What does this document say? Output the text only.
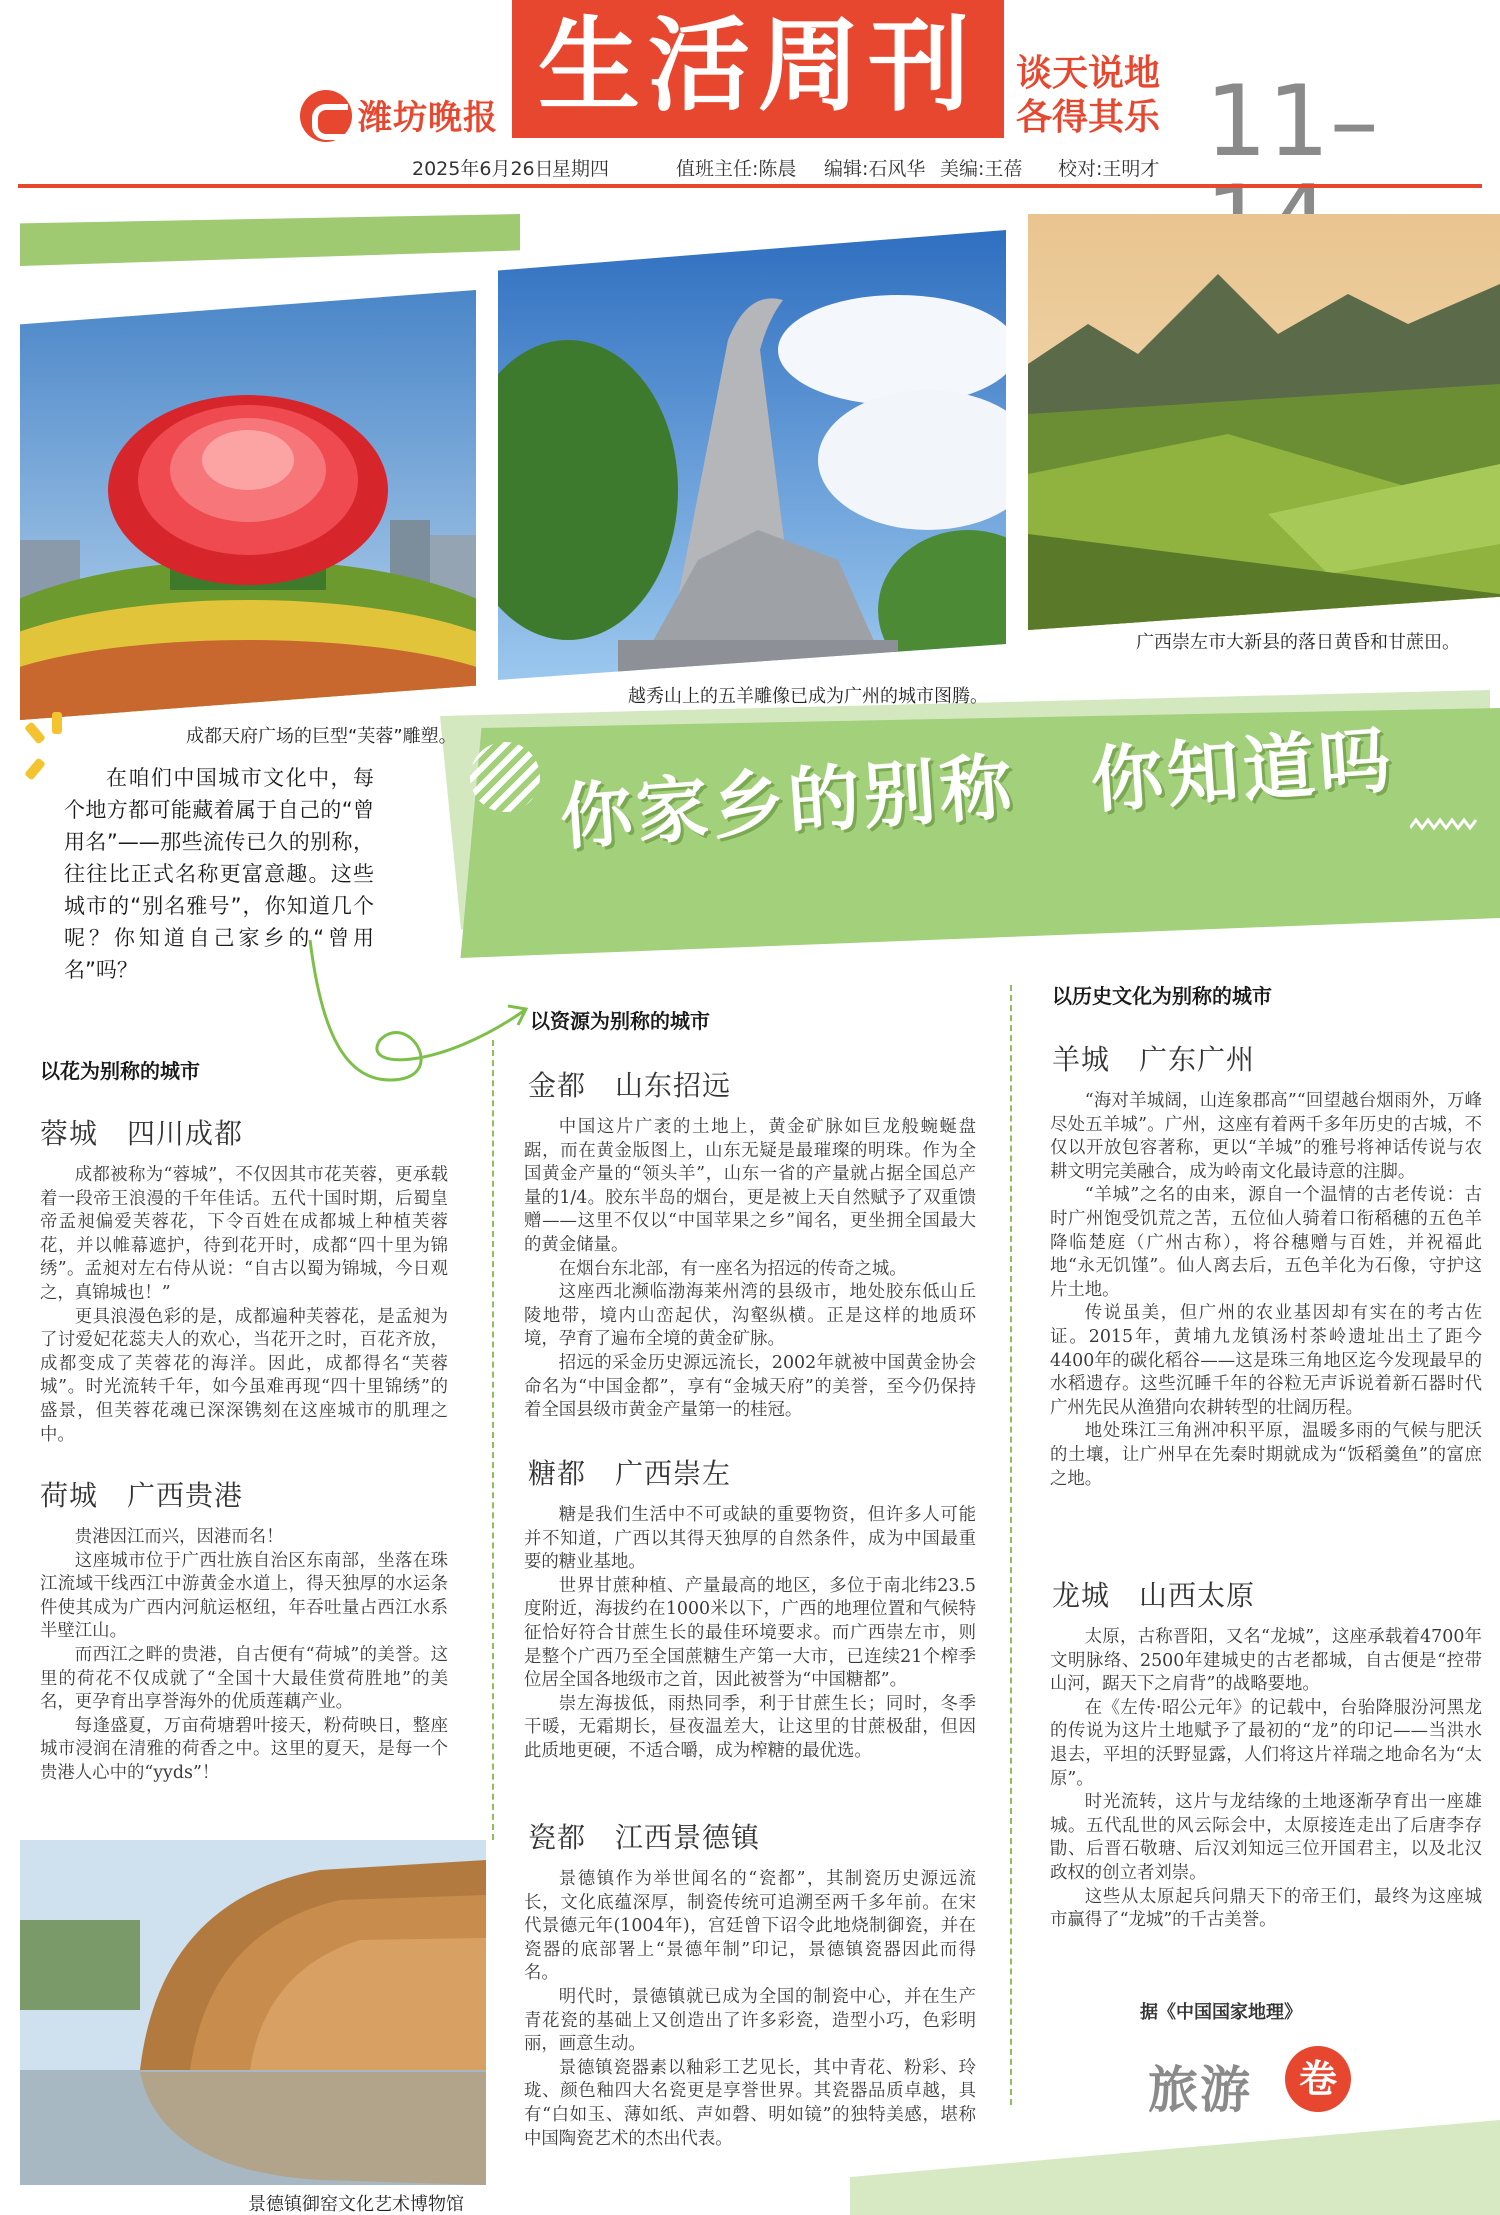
潍坊晚报 生活周刊	谈天说地
各得其乐 11–
2025年6月26日
星期四	值班主任:陈晨 编辑:石风华 美编:王蓓 校对:王明才
你家乡的别称　你知道吗
成都天府广场的巨型“芙蓉”雕塑。
越秀山上的五羊雕像已成为广州的城市图腾。
广西崇左市大新县的落日黄昏和甘蔗田。
景德镇御窑文化艺术博物馆
在咱们中国城市文化中，每个地方都可能藏着属于自己的“曾用名”——那些流传已久的别称，往往比正式名称更富意趣。这些城市的“别名雅号”，你知道几个呢？你知道自己家乡的“曾用名”吗？
以花为别称的城市
蓉城　四川成都

成都被称为“蓉城”，不仅因其市花芙蓉，更承载着一段帝王浪漫的千年佳话。五代十国时期，后蜀皇帝孟昶偏爱芙蓉花，下令百姓在成都城上种植芙蓉花，并以帷幕遮护，待到花开时，成都“四十里为锦绣”。孟昶对左右侍从说：“自古以蜀为锦城，今日观之，真锦城也！”

更具浪漫色彩的是，成都遍种芙蓉花，是孟昶为了讨爱妃花蕊夫人的欢心，当花开之时，百花齐放，成都变成了芙蓉花的海洋。因此，成都得名“芙蓉城”。时光流转千年，如今虽难再现“四十里锦绣”的盛景，但芙蓉花魂已深深镌刻在这座城市的肌理之中。

荷城　广西贵港

贵港因江而兴，因港而名！

这座城市位于广西壮族自治区东南部，坐落在珠江流域干线西江中游黄金水道上，得天独厚的水运条件使其成为广西内河航运枢纽，年吞吐量占西江水系半壁江山。

而西江之畔的贵港，自古便有“荷城”的美誉。这里的荷花不仅成就了“全国十大最佳赏荷胜地”的美名，更孕育出享誉海外的优质莲藕产业。

每逢盛夏，万亩荷塘碧叶接天，粉荷映日，整座城市浸润在清雅的荷香之中。这里的夏天，是每一个贵港人心中的“yyds”！

以资源为别称的城市
金都　山东招远

中国这片广袤的土地上，黄金矿脉如巨龙般蜿蜒盘踞，而在黄金版图上，山东无疑是最璀璨的明珠。作为全国黄金产量的“领头羊”，山东一省的产量就占据全国总产量的1/4。胶东半岛的烟台，更是被上天自然赋予了双重馈赠——这里不仅以“中国苹果之乡”闻名，更坐拥全国最大的黄金储量。

在烟台东北部，有一座名为招远的传奇之城。

这座西北濒临渤海莱州湾的县级市，地处胶东低山丘陵地带，境内山峦起伏，沟壑纵横。正是这样的地质环境，孕育了遍布全境的黄金矿脉。

招远的采金历史源远流长，2002年就被中国黄金协会命名为“中国金都”，享有“金城天府”的美誉，至今仍保持着全国县级市黄金产量第一的桂冠。

糖都　广西崇左

糖是我们生活中不可或缺的重要物资，但许多人可能并不知道，广西以其得天独厚的自然条件，成为中国最重要的糖业基地。

世界甘蔗种植、产量最高的地区，多位于南北纬23.5度附近，海拔约在1000米以下，广西的地理位置和气候特征恰好符合甘蔗生长的最佳环境要求。而广西崇左市，则是整个广西乃至全国蔗糖生产第一大市，已连续21个榨季位居全国各地级市之首，因此被誉为“中国糖都”。

崇左海拔低，雨热同季，利于甘蔗生长；同时，冬季干暖，无霜期长，昼夜温差大，让这里的甘蔗极甜，但因此质地更硬，不适合嚼，成为榨糖的最优选。

瓷都　江西景德镇

景德镇作为举世闻名的“瓷都”，其制瓷历史源远流长，文化底蕴深厚，制瓷传统可追溯至两千多年前。在宋代景德元年(1004年)，宫廷曾下诏令此地烧制御瓷，并在瓷器的底部署上“景德年制”印记，景德镇瓷器因此而得名。

明代时，景德镇就已成为全国的制瓷中心，并在生产青花瓷的基础上又创造出了许多彩瓷，造型小巧，色彩明丽，画意生动。

景德镇瓷器素以釉彩工艺见长，其中青花、粉彩、玲珑、颜色釉四大名瓷更是享誉世界。其瓷器品质卓越，具有“白如玉、薄如纸、声如磬、明如镜”的独特美感，堪称中国陶瓷艺术的杰出代表。

以历史文化为别称的城市
羊城　广东广州

“海对羊城阔，山连象郡高”“回望越台烟雨外，万峰尽处五羊城”。广州，这座有着两千多年历史的古城，不仅以开放包容著称，更以“羊城”的雅号将神话传说与农耕文明完美融合，成为岭南文化最诗意的注脚。

“羊城”之名的由来，源自一个温情的古老传说：古时广州饱受饥荒之苦，五位仙人骑着口衔稻穗的五色羊降临楚庭（广州古称），将谷穗赠与百姓，并祝福此地“永无饥馑”。仙人离去后，五色羊化为石像，守护这片土地。

传说虽美，但广州的农业基因却有实在的考古佐证。2015年，黄埔九龙镇汤村茶岭遗址出土了距今4400年的碳化稻谷——这是珠三角地区迄今发现最早的水稻遗存。这些沉睡千年的谷粒无声诉说着新石器时代广州先民从渔猎向农耕转型的壮阔历程。

地处珠江三角洲冲积平原，温暖多雨的气候与肥沃的土壤，让广州早在先秦时期就成为“饭稻羹鱼”的富庶之地。

龙城　山西太原

太原，古称晋阳，又名“龙城”，这座承载着4700年文明脉络、2500年建城史的古老都城，自古便是“控带山河，踞天下之肩背”的战略要地。

在《左传·昭公元年》的记载中，台骀降服汾河黑龙的传说为这片土地赋予了最初的“龙”的印记——当洪水退去，平坦的沃野显露，人们将这片祥瑞之地命名为“太原”。

时光流转，这片与龙结缘的土地逐渐孕育出一座雄城。五代乱世的风云际会中，太原接连走出了后唐李存勖、后晋石敬瑭、后汉刘知远三位开国君主，以及北汉政权的创立者刘崇。

这些从太原起兵问鼎天下的帝王们，最终为这座城市赢得了“龙城”的千古美誉。

据《中国国家地理》
旅游	卷
